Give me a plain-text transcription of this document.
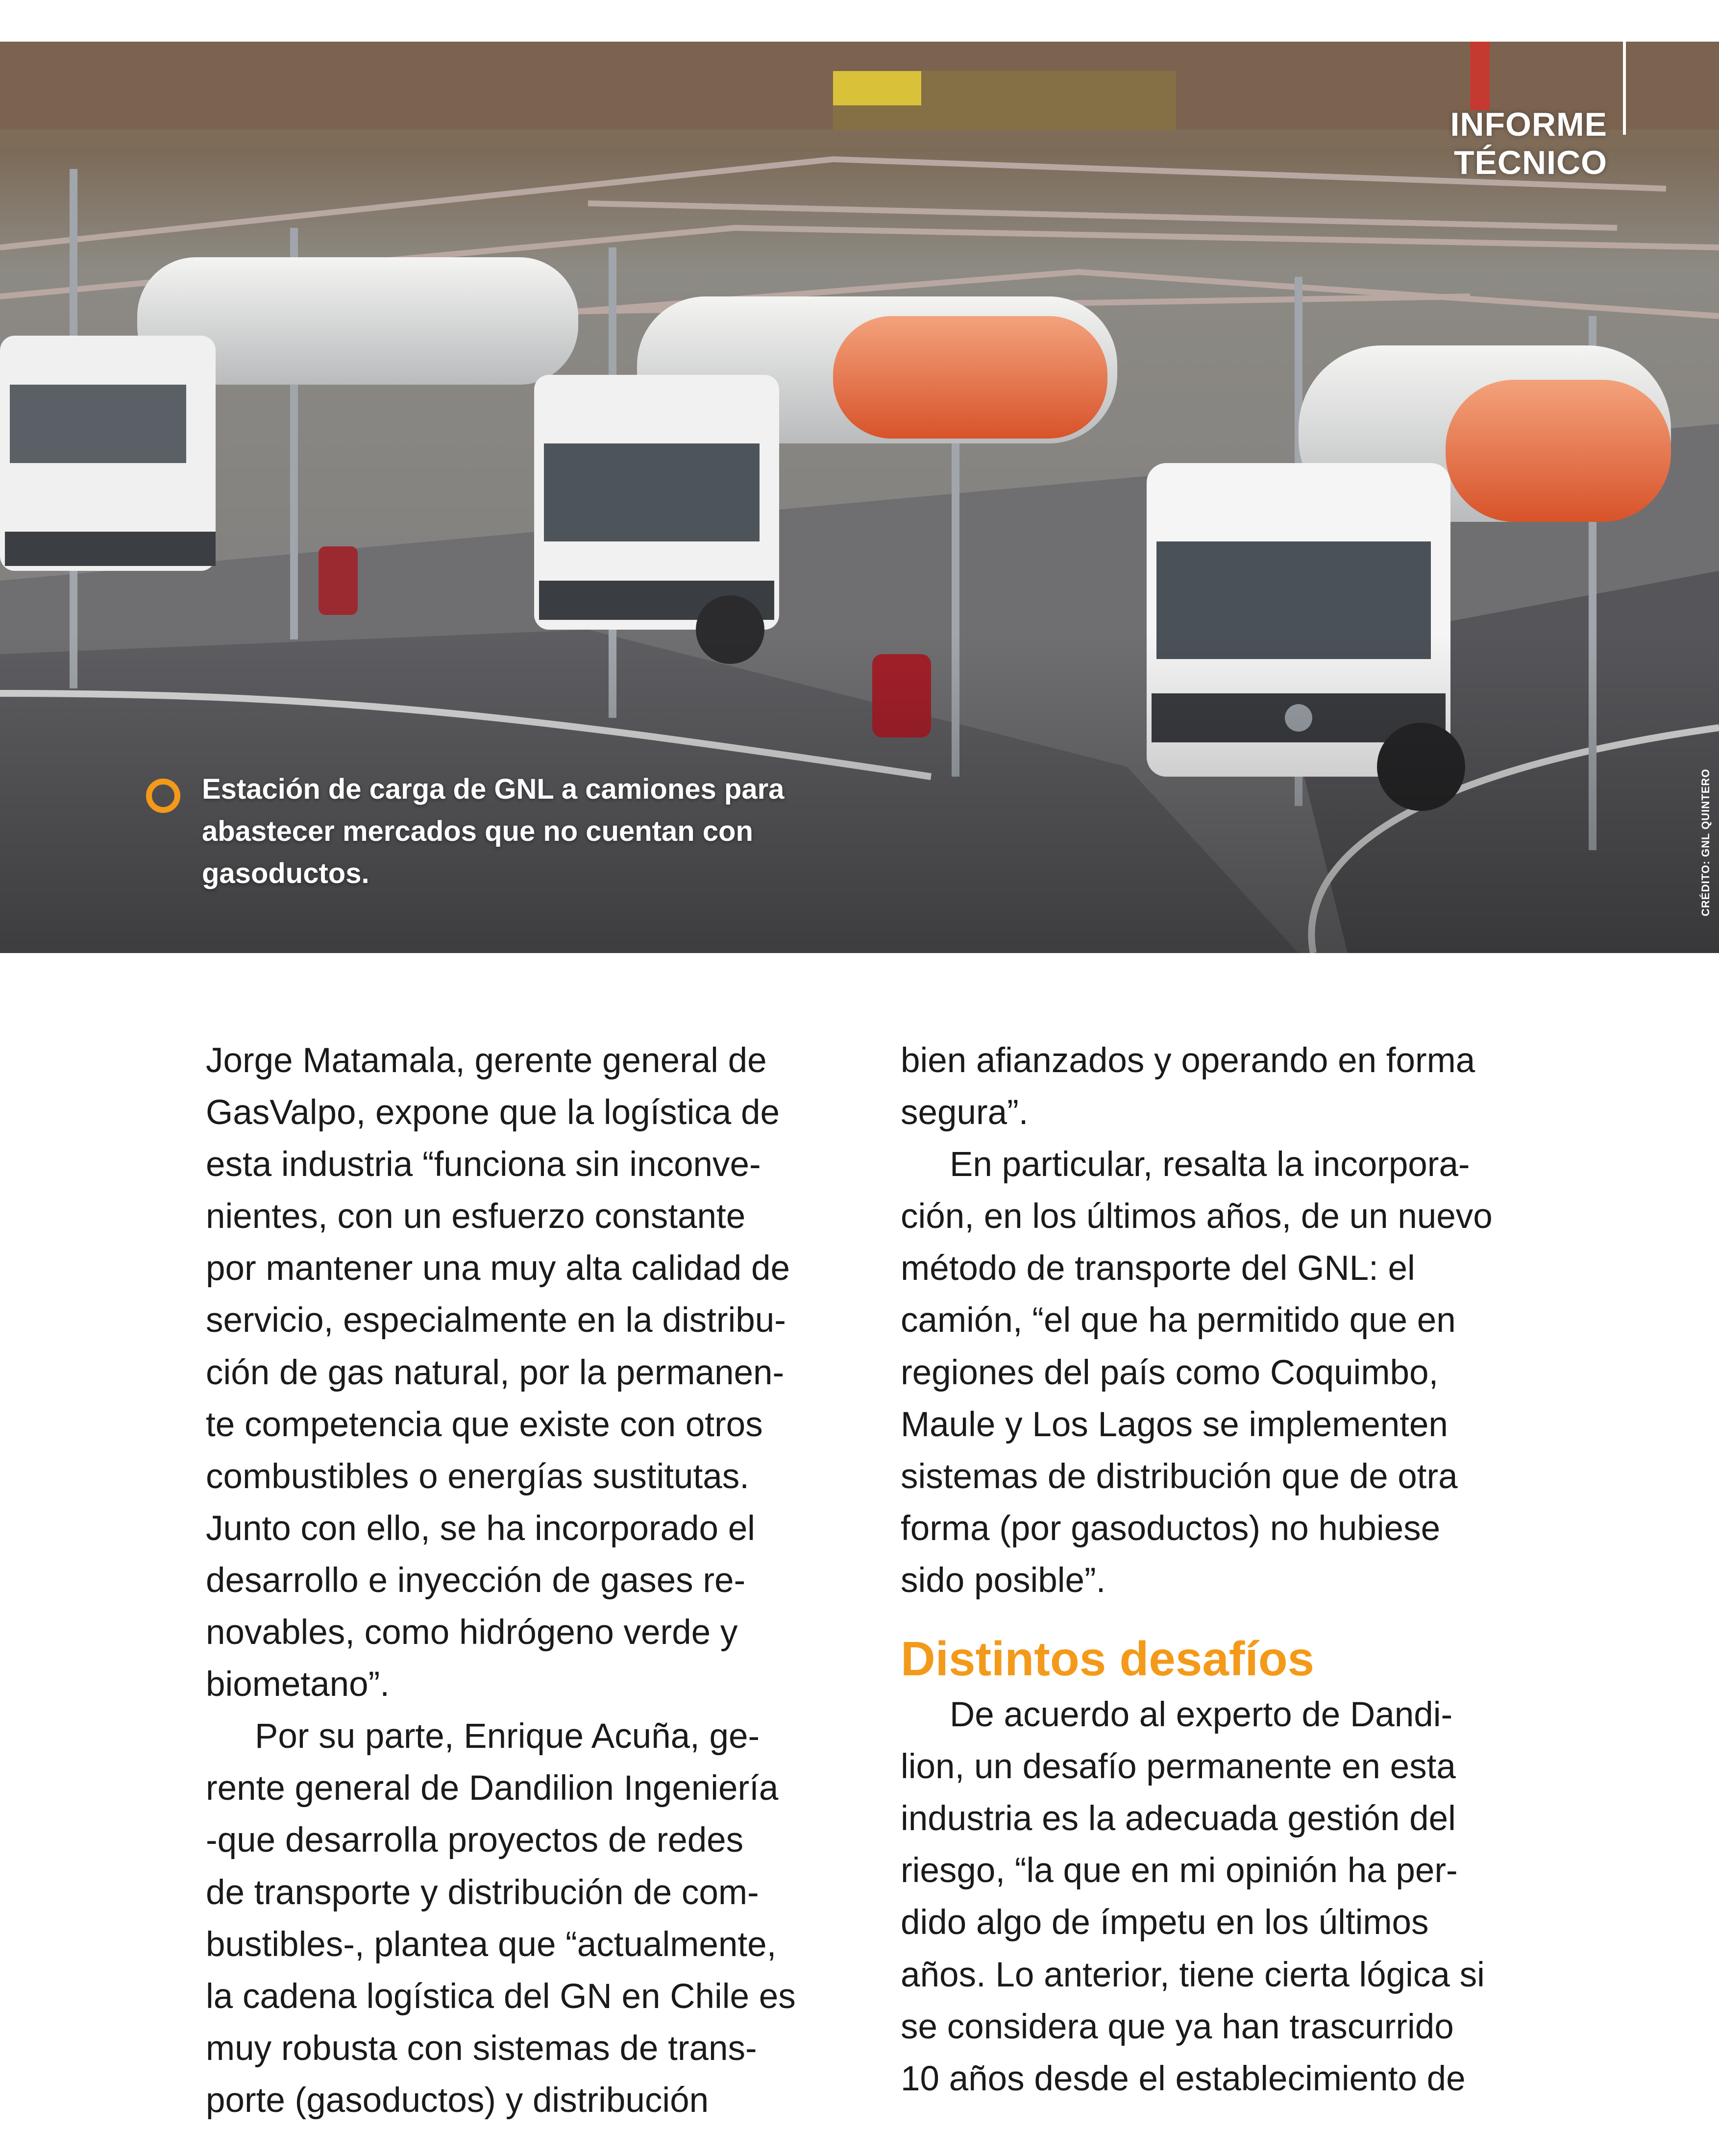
INFORME TÉCNICO
Estación de carga de GNL a camiones para
abastecer mercados que no cuentan con
gasoductos.	CRÉDITO: GNL QUINTERO

Jorge Matamala, gerente general de
GasValpo, expone que la logística de
esta industria “funciona sin inconve-
nientes, con un esfuerzo constante
por mantener una muy alta calidad de
servicio, especialmente en la distribu-
ción de gas natural, por la permanen-
te competencia que existe con otros
combustibles o energías sustitutas.
Junto con ello, se ha incorporado el
desarrollo e inyección de gases re-
novables, como hidrógeno verde y
biometano”.

Por su parte, Enrique Acuña, ge-
rente general de Dandilion Ingeniería
-que desarrolla proyectos de redes
de transporte y distribución de com-
bustibles-, plantea que “actualmente,
la cadena logística del GN en Chile es
muy robusta con sistemas de trans-
porte (gasoductos) y distribución

bien afianzados y operando en forma
segura”.

En particular, resalta la incorpora-
ción, en los últimos años, de un nuevo
método de transporte del GNL: el
camión, “el que ha permitido que en
regiones del país como Coquimbo,
Maule y Los Lagos se implementen
sistemas de distribución que de otra
forma (por gasoductos) no hubiese
sido posible”.

Distintos desafíos

De acuerdo al experto de Dandi-
lion, un desafío permanente en esta
industria es la adecuada gestión del
riesgo, “la que en mi opinión ha per-
dido algo de ímpetu en los últimos
años. Lo anterior, tiene cierta lógica si
se considera que ya han trascurrido
10 años desde el establecimiento de
